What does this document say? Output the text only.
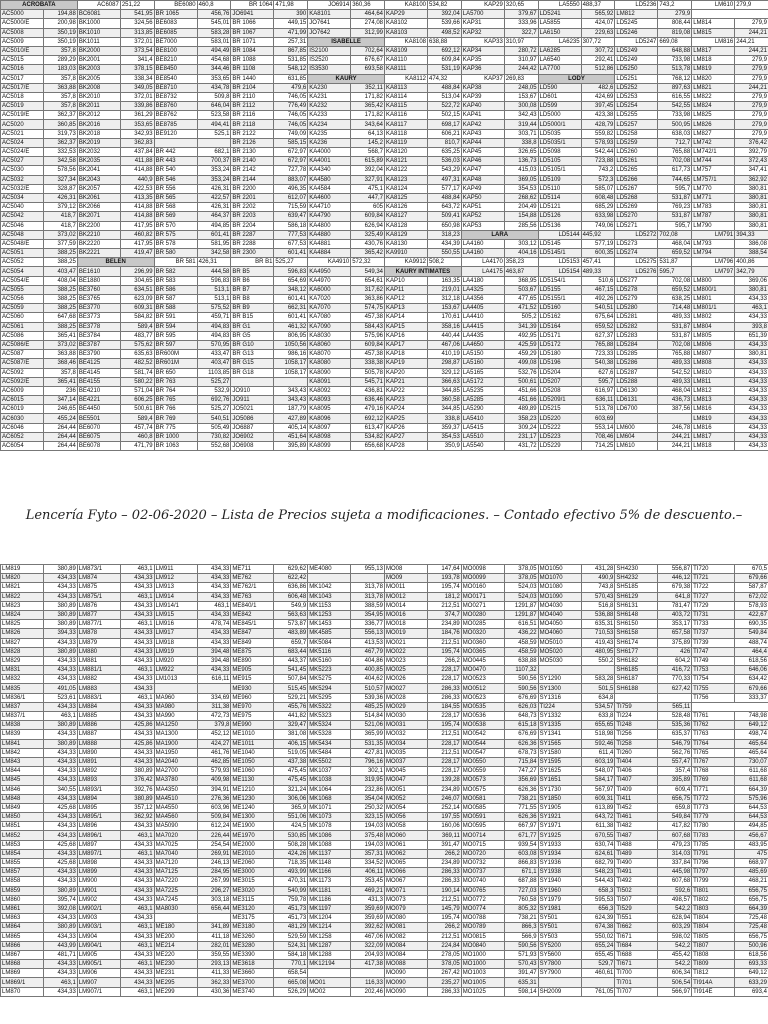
ACROBATA		AC6087	251,22	BE6080	460,8	BR 1064	471,98	JO6914	360,36	KA8100	534,82	KAP29	320,65	LA5550	488,37	LD5236	743,2	LM610	279,9
AC5000	194,88	BC6081	541,95	BR 1065	456,76	JO6941	390	KA8101	464,64	KAP29	392,04	LA5700	379,67	LD5241	565,92	LM812	279,9		
AC5000/E	200,98	BK1000	324,56	BE6083	545,01	BR 1066	449,15	JO7641	274,08	KA8102	539,66	KAP31	333,96	LA5855	424,07	LD5245	808,44	LM814	279,9
AC5008	350,19	BK1010	313,85	BE6085	583,28	BR 1067	471,99	JO7642	312,99	KA8103	498,52	KAP32	322,7	LA6150	229,63	LD5246	819,08	LM815	244,21
AC5009	350,19	BK1011	372,01	BE7000	583,01	BR 1071	257,31	ISABELLE		KA8108	638,88	KAP33	310,97	LA6235	307,72	LD5247	669,08	LM816	244,21
AC5010/E	357,8	BK2000	373,54	BE8100	494,49	BR 1084	867,85	IS2100	702,64	KA8109	692,12	KAP34	280,72	LA6285	307,72	LD5249	648,88	LM817	244,21
AC5015	289,29	BK2001	341,4	BE8210	454,68	BR 1088	531,85	IS2520	676,67	KA8110	609,84	KAP35	310,97	LA6540	292,41	LD5249	733,98	LM818	279,9
AC5016	183,03	BK2003	378,15	BE8450	344,46	BR 1108	548,12	IS3530	693,58	KA8111	531,19	KAP36	244,42	LA7700	512,86	LD5250	513,78	LM819	279,9
AC5017	357,8	BK2005	338,34	BE8540	353,65	BR 1440	631,85	KAURY		KA8112	474,32	KAP37	269,83	LODY		LD5251	768,12	LM820	279,9
AC5017/E	363,88	BK2008	349,05	BE8710	434,78	BR 2104	479,6	KA230	352,11	KA8113	488,84	KAP38	248,05	LD590	482,6	LD5252	897,63	LM821	244,21
AC5018	357,8	BK2010	372,01	BE8732	509,8	BR 2110	746,05	KA231	171,82	KA8114	513,04	KAP39	153,67	LD601	424,69	LD5253	616,55	LM822	279,9
AC5019	357,8	BK2011	339,86	BE8760	646,04	BR 2112	776,49	KA232	365,42	KA8115	522,72	KAP40	300,08	LD599	397,45	LD5254	542,55	LM824	279,9
AC5019/E	362,37	BK2012	361,29	BE8762	523,58	BR 2116	746,05	KA233	171,82	KA8116	502,15	KAP41	342,43	LD5000	423,38	LD5255	733,98	LM825	279,9
AC5020	360,85	BK2016	353,65	BE8785	494,41	BR 2118	746,05	KA234	343,64	KA8117	698,17	KAP42	319,44	LD5000/1	428,79	LD5257	500,95	LM826	279,9
AC5021	319,73	BK2018	342,93	BE9120	525,1	BR 2122	749,09	KA235	64,13	KA8118	606,21	KAP43	303,71	LD5035	559,82	LD5258	638,03	LM827	279,9
AC5024	362,37	BK2019	362,83			BR 2126	585,15	KA236	145,2	KA8119	810,7	KAP44	338,8	LD5035/1	578,93	LD5259	712,7	LM742	376,42
AC5024/E	332,53	BK2032	437,84	BR 442	682,1	BR 2130	672,97	KA4000	568,7	KA8120	635,25	KAP45	326,65	LD5098	542,44	LD5260	765,88	LM742/1	392,79
AC5027	342,58	BK2035	411,88	BR 443	700,37	BR 2140	672,97	KA4001	615,89	KA8121	536,03	KAP46	136,73	LD5105	723,88	LD5261	702,08	LM744	372,43
AC5030	578,56	BK2041	414,88	BR 540	353,24	BR 2142	727,78	KA4340	392,04	KA8122	543,29	KAP47	415,03	LD5105/1	743,2	LD5265	617,73	LM757	347,41
AC5032	327,34	BK2043	440,9	BR 546	353,24	BR 2144	883,07	KA4580	327,91	KA8123	497,31	KAP48	369,05	LD5109	572,3	LD5266	744,65	LM757/1	362,92
AC5032/E	328,87	BK2057	422,53	BR 556	426,31	BR 2200	496,35	KA4584	475,1	KA8124	577,17	KAP49	354,53	LD5110	585,07	LD5267	595,7	LM770	380,81
AC5034	426,31	BK2061	413,35	BR 565	422,57	BR 2201	612,07	KA4600	447,7	KA8125	488,84	KAP50	268,62	LD5114	608,48	LD5268	531,87	LM771	380,81
AC5040	379,12	BK2066	414,88	BR 568	426,31	BR 2202	715,59	KA4710	605	KA8126	643,72	KAP51	204,49	LD5121	685,29	LD5269	769,23	LM783	380,81
AC5042	418,7	BK2071	414,88	BR 569	464,37	BR 2203	639,47	KA4790	609,84	KA8127	509,41	KAP52	154,88	LD5126	633,98	LD5270	531,87	LM787	380,81
AC5046	418,7	BK2200	417,95	BR 570	494,85	BR 2204	586,18	KA4800	626,94	KA8128	650,98	KAP53	285,56	LD5136	749,06	LD5271	595,7	LM790	380,81
AC5048	373,02	BK2210	460,82	BR 575	601,41	BR 2287	777,53	KA4880	325,49	KA8129	318,23	LARA		LD5144	445,92	LD5272	702,08	LM791	394,33
AC5048/E	377,59	BK2220	417,95	BR 578	581,95	BR 2288	677,53	KA4881	430,76	KA8130	434,39	LA4160	303,12	LD5145	577,19	LD5273	468,04	LM793	386,08
AC5051	388,25	BK2221	419,47	BR 580	342,58	BR 2300	601,41	KA4884	365,42	KA9910	550,55	LA4160	404,16	LD5145/1	600,35	LD5274	659,52	LM794	388,54
AC5052	388,25	BELEN		BR 581	426,31	BR B1	525,27	KA4910	572,32	KA9912	508,2	LA4170	358,23	LD5153	457,41	LD5275	531,87	LM796	400,86
AC5054	403,47	BE1610	296,99	BR 582	444,58	BR B5	596,83	KA4950	549,34	KAURY INTIMATES		LA4175	463,87	LD5154	489,33	LD5276	595,7	LM797	342,79
AC5054/E	408,04	BE1880	304,65	BR 583	596,83	BR B6	654,69	KA4970	654,61	KAP10	163,35	LA4180	368,95	LD5154/1	510,6	LD5277	702,08	LM800	369,06
AC5055	388,25	BE3760	634,51	BR 586	513,1	BR B7	348,12	KA6000	317,62	KAP11	219,01	LA4325	503,67	LD5155	467,15	LD5278	659,52	LM800/1	380,81
AC5056	388,25	BE3765	623,09	BR 587	513,1	BR B8	601,41	KA7020	363,86	KAP12	312,18	LA4356	477,65	LD5155/1	492,26	LD5279	638,25	LM801	434,33
AC5059	388,25	BE3770	609,31	BR 588	575,52	BR B9	662,31	KA7070	574,75	KAP13	153,67	LA4405	471,52	LD5160	540,51	LD5280	714,48	LM801/1	463,1
AC5060	647,68	BE3773	584,82	BR 591	459,71	BR B15	601,41	KA7080	457,38	KAP14	170,61	LA4410	505,2	LD5162	675,64	LD5281	489,33	LM802	434,33
AC5061	388,25	BE3778	589,4	BR 594	494,83	BR G1	461,32	KA7090	584,43	KAP15	358,16	LA4415	341,39	LD5164	659,52	LD5282	531,87	LM804	393,8
AC5086	365,41	BE3784	483,77	BR 595	494,83	BR G5	806,95	KA8030	575,96	KAP16	440,44	LA4435	492,95	LD5171	627,37	LD5283	531,87	LM805	651,39
AC5086/E	373,02	BE3787	575,62	BR 597	570,95	BR G10	1050,56	KA8060	609,84	KAP17	467,06	LA4650	425,59	LD5172	765,88	LD5284	702,08	LM806	434,33
AC5087	363,88	BE3790	635,63	BR600M	433,47	BR G13	986,16	KA8070	457,38	KAP18	410,19	LA5150	459,29	LD5180	723,33	LD5285	765,88	LM807	380,81
AC5087/E	368,46	BE4125	482,52	BR601M	403,47	BR G15	1058,17	KA8080	338,38	KAP19	298,87	LA5160	499,08	LD5196	540,38	LD5286	489,33	LM808	434,33
AC5092	357,8	BE4145	581,74	BR 650	1103,85	BR G18	1058,17	KA8090	505,78	KAP20	329,12	LA5165	532,76	LD5204	627,6	LD5287	542,52	LM810	434,33
AC5092/E	365,41	BE4155	580,22	BR 763	525,27			KA8091	545,71	KAP21	366,63	LA5172	500,61	LD5207	595,7	LD5288	489,33	LM811	434,33
AC6009	236	BE4210	571,04	BR 764	532,9	JO910	343,43	KA8092	436,81	KAP22	344,85	LA5235	451,66	LD5208	616,97	LD6130	468,04	LM812	434,33
AC6015	347,14	BE4221	606,25	BR 765	692,76	JO911	343,43	KA8093	636,46	KAP23	360,58	LA5285	451,66	LD5209/1	636,11	LD6131	436,73	LM813	434,33
AC6019	246,65	BE4450	500,61	BR 766	525,27	JO5021	187,79	KA8095	479,16	KAP24	344,85	LA5290	489,89	LD5215	513,78	LD6700	387,56	LM816	434,33
AC6030	455,24	BE5501	589,4	BR 769	540,51	JO5086	427,89	KA8096	692,12	KAP25	338,8	LA5410	358,23	LD5220	603,69			LM819	434,33
AC6046	264,44	BE6070	457,74	BR 775	505,49	JO6887	405,14	KA8097	613,47	KAP26	359,37	LA5415	309,24	LD5222	553,14	LM600	246,78	LM816	434,33
AC6052	264,44	BE6075	460,8	BR 1000	730,82	JO6902	451,64	KA8098	534,82	KAP27	354,53	LA5510	231,17	LD5223	708,46	LM604	244,21	LM817	434,33
AC6054	264,44	BE6078	471,79	BR 1063	552,68	JO6908	395,89	KA8099	656,68	KAP28	350,9	LA5540	431,72	LD5229	714,25	LM610	244,21	LM818	434,33
Lencería Fyto – 02-06-2020 – Lista de Precios sujeta a modificaciones. – Contado efectivo 5% de descuento.–
LM819	380,89	LM873/1	463,1	LM911	434,33	ME711	629,62	ME4080	955,13	MO08	147,64	MO0098	378,05	MO1050	431,28	SH4230	556,87	TI720	670,5
LM820	434,33	LM874	434,33	LM912	434,33	ME762	622,42			MO09	193,78	MO0099	378,05	MO1070	490,9	SH4232	446,12	TI721	679,66
LM821	434,33	LM875	434,33	LM913	434,33	ME762/1	636,86	MK1042	313,78	MO011	195,74	MO0160	524,03	MO1080	743,8	SH5185	679,38	TI722	587,87
LM822	434,33	LM875/1	463,1	LM914	434,33	ME763	606,48	MK1043	313,78	MO012	181,2	MO0171	524,03	MO1090	570,43	SH6129	641,8	TI727	672,02
LM823	380,89	LM876	434,33	LM914/1	463,1	ME840/1	549,9	MK1153	388,59	MO014	212,51	MO0271	1291,87	MO4030	516,8	SH6131	781,47	TI729	578,93
LM824	380,89	LM877	434,33	LM915	434,33	ME842	563,63	MK1253	354,95	MO016	374,7	MO0280	1291,87	MO4040	536,88	SH6148	403,72	TI731	422,67
LM825	380,89	LM877/1	463,1	LM916	478,74	ME845/1	573,87	MK1453	336,77	MO018	234,89	MO0285	616,51	MO4050	635,31	SH6150	353,17	TI733	690,35
LM826	394,33	LM878	434,33	LM917	434,33	ME847	483,89	MK4585	556,13	MO019	184,76	MO0320	436,22	MO4060	710,53	SH6158	657,58	TI737	549,84
LM827	434,33	LM879	434,33	LM918	434,33	ME849	659,7	MK5084	413,53	MO021	212,51	MO0360	458,59	MO5010	419,43	SH6174	375,89	TI739	488,74
LM828	380,89	LM880	434,33	LM919	394,48	ME875	683,44	MK5116	467,79	MO022	195,74	MO0365	458,59	MO5020	480,95	SH6177	426	TI747	464,4
LM829	434,33	LM881	434,33	LM920	394,48	ME890	443,37	MK5160	404,86	MO023	266,2	MO0445	638,88	MO5030	550,2	SH6182	604,2	TI749	618,56
LM831	434,33	LM881/1	463,1	LM922	434,33	ME905	541,45	MK5223	400,85	MO025	228,17	MO0470	1107,32			SH6185	416,72	TI753	646,06
LM832	434,33	LM882	434,33	LM1013	616,11	ME915	507,84	MK5275	404,62	MO026	228,17	MO0523	590,56	SY1290	583,28	SH6187	770,33	TI754	634,42
LM835	491,05	LM883	434,33			ME930	515,45	MK5294	510,57	MO027	286,33	MO0512	590,56	SY1300	501,5	SH6188	627,42	TI755	679,66
LM836/1	523,61	LM883/1	463,1	MA960	334,69	ME960	529,21	MK5295	539,36	MO028	286,33	MO0523	676,69	SY1316	634,8			TI756	333,37
LM837	434,33	LM884	434,33	MA980	311,38	ME970	455,76	MK5322	485,25	MO029	184,55	MO0535	626,03	TI224	534,57	TI759	565,11		
LM837/1	463,1	LM885	434,33	MA990	472,73	ME975	441,82	MK5323	514,84	MO030	228,17	MO0536	648,73	SY1332	633,8	TI224	528,48	TI761	748,98
LM838	380,89	LM886	425,86	MA1250	379,8	ME990	329,47	MK5324	521,06	MO031	195,74	MO0538	615,18	SY1335	655,65	TI248	535,36	TI762	649,12
LM839	434,33	LM887	434,33	MA1300	452,12	ME1010	381,08	MK5328	365,99	MO032	212,51	MO0542	676,69	SY1341	518,98	TI256	635,37	TI763	498,74
LM841	380,89	LM888	425,86	MA1900	424,27	ME1011	406,15	MK5434	531,35	MO034	228,17	MO0544	626,36	SY1565	592,46	TI258	546,79	TI764	465,64
LM842	434,33	LM890	434,33	MA1950	461,76	ME1040	519,05	MK5484	427,81	MO035	212,51	MO0547	678,73	SY1580	611,4	TI260	562,76	TI765	465,64
LM843	434,33	LM891	434,33	MA2040	462,85	ME1050	437,38	MK5502	796,16	MO037	228,17	MO0550	715,84	SY1595	603,19	TI404	557,47	TI767	730,07
LM844	434,33	LM892	380,89	MA2700	579,93	ME1060	475,45	MK1037	302,1	MO045	228,17	MO0559	747,27	SY1625	548,07	TI406	357,4	TI768	611,68
LM845	434,33	LM893	376,42	MA3780	409,98	ME1130	475,45	MK1038	319,95	MO047	139,28	MO0573	356,69	SY1651	584,17	TI407	395,89	TI769	611,68
LM846	340,55	LM893/1	392,76	MA4350	394,91	ME1210	321,24	MK1064	232,86	MO051	234,89	MO0575	626,36	SY1730	567,97	TI409	609,4	TI771	664,39
LM848	434,33	LM894	380,89	MA4510	276,36	ME1230	306,06	MK1068	354,04	MO052	246,07	MO0581	738,21	SY1850	609,31	TI411	656,75	TI772	575,96
LM849	425,68	LM895	357,12	MA4550	603,96	ME1240	365,9	MK1071	250,32	MO054	252,14	MO0585	771,55	SY1905	613,89	TI452	659,8	TI773	644,53
LM850	434,33	LM895/1	362,92	MA4560	509,84	ME1300	551,06	MK1073	323,15	MO056	197,55	MO0591	626,36	SY1921	643,72	TI461	549,84	TI779	644,53
LM851	434,33	LM896	434,33	MA5090	612,24	ME1900	424,5	MK1078	194,03	MO058	160,06	MO0595	667,97	SY1971	611,38	TI482	417,82	TI780	494,85
LM852	434,33	LM896/1	463,1	MA7020	226,44	ME1970	530,85	MK1086	375,48	MO060	369,11	MO0714	671,77	SY1925	670,55	TI487	607,68	TI783	456,67
LM853	425,68	LM897	434,33	MA7025	254,54	ME2000	508,28	MK1088	194,03	MO061	391,47	MO0715	939,54	SY1933	630,74	TI488	479,23	TI785	483,95
LM854	434,33	LM897/1	463,1	MA7040	269,91	ME2010	424,26	MK1137	357,31	MO062	266,2	MO0720	603,08	SY1934	624,61	TI489	314,03	TI791	475
LM855	425,68	LM898	434,33	MA7120	246,13	ME2060	718,35	MK1148	334,52	MO065	234,89	MO0732	866,83	SY1936	682,79	TI490	337,84	TI796	668,97
LM857	434,33	LM899	434,33	MA7125	284,95	ME3000	493,99	MK1166	406,11	MO066	286,33	MO0737	671,1	SY1938	548,23	TI491	445,98	TI797	485,69
LM858	434,33	LM900	434,33	MA7220	267,99	ME3015	470,31	MK1173	353,45	MO067	286,33	MO0740	687,88	SY1940	544,43	TI492	607,68	TI799	468,21
LM859	380,89	LM901	434,33	MA7225	296,27	ME3020	540,99	MK1181	469,21	MO071	190,14	MO0765	727,03	SY1960	658,3	TI502	592,6	TI801	656,75
LM860	395,74	LM902	434,33	MA7245	303,18	ME3115	759,78	MK1186	431,3	MO073	212,51	MO0772	760,58	SY1979	595,53	TI507	498,57	TI802	656,75
LM861	392,08	LM902/1	463,1	MA8030	656,44	ME3120	451,73	MK1197	359,69	MO079	145,79	MO0774	805,32	SY1981	656,3	TI529	542,2	TI803	664,39
LM863	434,33	LM903	434,33			ME3175	451,73	MK1204	359,69	MO080	195,74	MO0788	738,21	SY501	624,39	TI551	628,94	TI804	725,48
LM864	380,89	LM903/1	463,1	ME180	341,89	ME3180	481,29	MK1214	392,62	MO081	266,2	MO0789	866,3	SY501	674,38	TI662	603,29	TI804	725,48
LM865	434,33	LM904	434,33	ME200	411,18	ME3260	529,59	MK1258	467,06	MO082	212,51	MO0815	566,9	SY503	550,02	TI671	598,02	TI805	656,75
LM866	443,99	LM904/1	463,1	ME214	282,01	ME3280	524,31	MK1287	322,09	MO084	224,84	MO0840	590,56	SY5200	655,24	TI684	542,2	TI807	500,96
LM867	481,71	LM905	434,33	ME220	359,55	ME3390	584,18	MK1288	204,93	MO084	278,05	MO1000	571,93	SY5600	655,45	TI688	455,42	TI808	618,56
LM868	434,33	LM905/1	463,1	ME230	293,13	ME3618	770,1	MK12194	417,38	MO088	378,05	MO1000	570,43	SY7800	529,7	TI671	542,2	TI809	693,33
LM869	434,33	LM906	434,33	ME231	411,33	ME3660	658,54			MO090	267,42	MO1003	391,47	SY7900	460,61	TI700	606,34	TI812	649,12
LM869/1	463,1	LM907	434,33	ME295	362,33	ME3700	665,08	MO01	116,33	MO090	235,27	MO1005	635,31			TI701	506,54	TI914A	633,29
LM870	434,33	LM907/1	463,1	ME299	430,36	ME3740	526,29	MO02	202,46	MO090	286,33	MO1025	598,14	SH2009	761,05	TI707	566,97	TI914E	693,4
